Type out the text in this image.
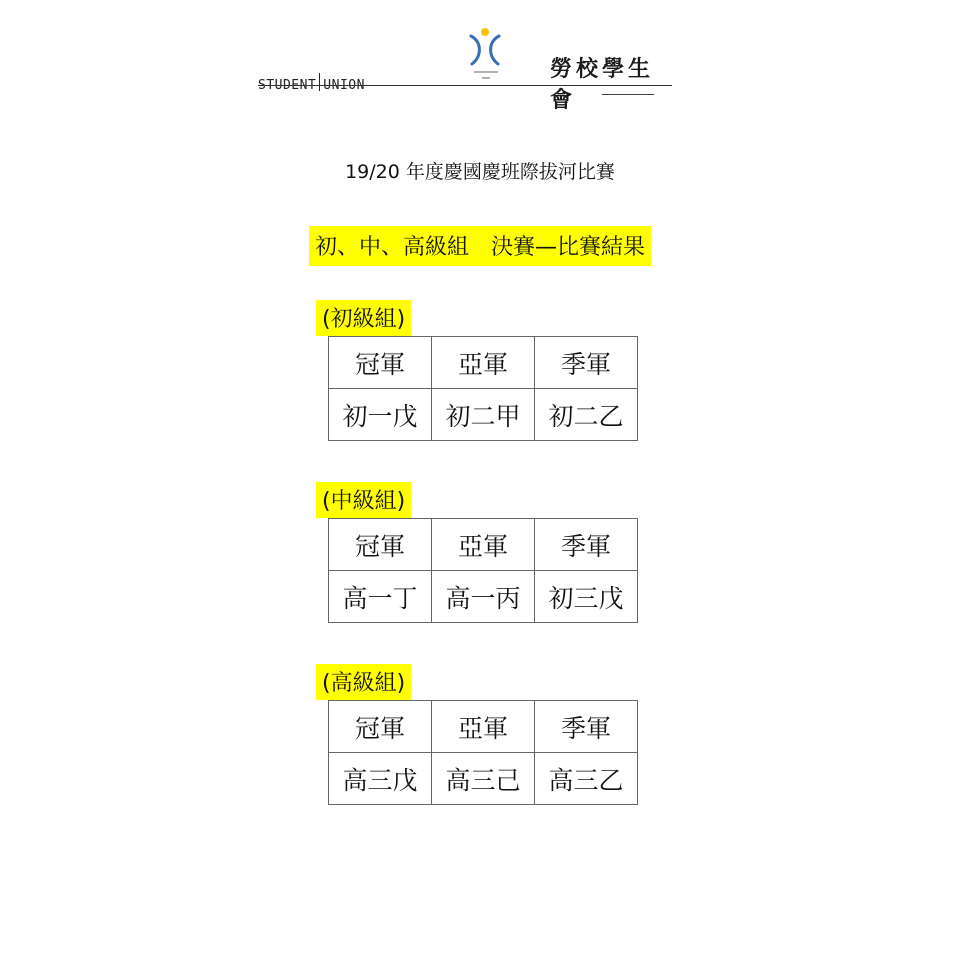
STUDENT UNION
勞校學生會
19/20 年度慶國慶班際拔河比賽
初、中、高級組 決賽—比賽結果
(初級組)
冠軍	亞軍	季軍
初一戊	初二甲	初二乙
(中級組)
冠軍	亞軍	季軍
高一丁	高一丙	初三戊
(高級組)
冠軍	亞軍	季軍
高三戊	高三己	高三乙
